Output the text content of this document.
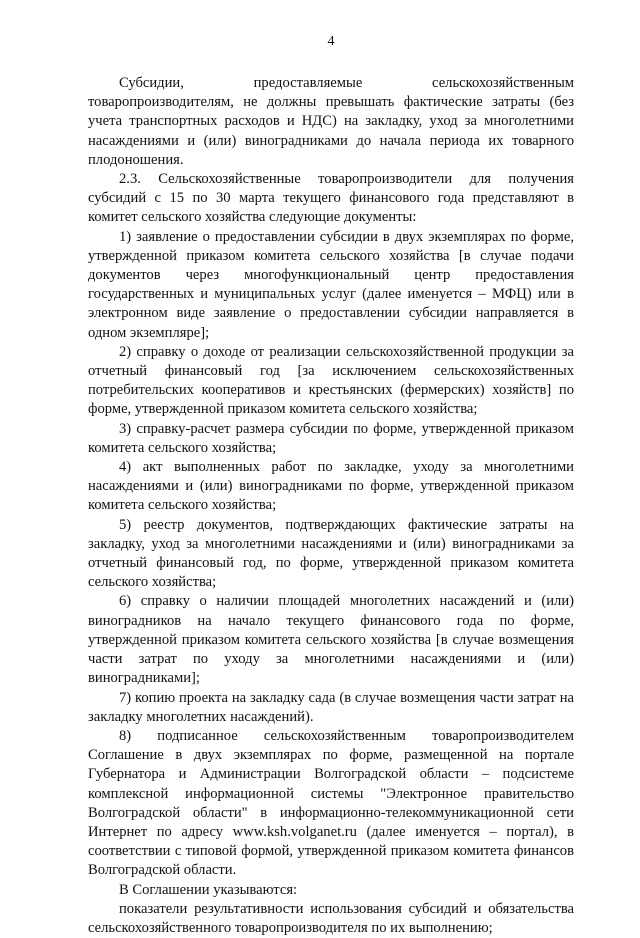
4

Субсидии, предоставляемые сельскохозяйственным товаропроизводителям, не должны превышать фактические затраты (без учета транспортных расходов и НДС) на закладку, уход за многолетними насаждениями и (или) виноградниками до начала периода их товарного плодоношения.

2.3. Сельскохозяйственные товаропроизводители для получения субсидий с 15 по 30 марта текущего финансового года представляют в комитет сельского хозяйства следующие документы:

1) заявление о предоставлении субсидии в двух экземплярах по форме, утвержденной приказом комитета сельского хозяйства [в случае подачи документов через многофункциональный центр предоставления государственных и муниципальных услуг (далее именуется – МФЦ) или в электронном виде заявление о предоставлении субсидии направляется в одном экземпляре];

2) справку о доходе от реализации сельскохозяйственной продукции за отчетный финансовый год [за исключением сельскохозяйственных потребительских кооперативов и крестьянских (фермерских) хозяйств] по форме, утвержденной приказом комитета сельского хозяйства;

3) справку-расчет размера субсидии по форме, утвержденной приказом комитета сельского хозяйства;

4) акт выполненных работ по закладке, уходу за многолетними насаждениями и (или) виноградниками по форме, утвержденной приказом комитета сельского хозяйства;

5) реестр документов, подтверждающих фактические затраты на закладку, уход за многолетними насаждениями и (или) виноградниками за отчетный финансовый год, по форме, утвержденной приказом комитета сельского хозяйства;

6) справку о наличии площадей многолетних насаждений и (или) виноградников на начало текущего финансового года по форме, утвержденной приказом комитета сельского хозяйства [в случае возмещения части затрат по уходу за многолетними насаждениями и (или) виноградниками];

7) копию проекта на закладку сада (в случае возмещения части затрат на закладку многолетних насаждений).

8) подписанное сельскохозяйственным товаропроизводителем Соглашение в двух экземплярах по форме, размещенной на портале Губернатора и Администрации Волгоградской области – подсистеме комплексной информационной системы "Электронное правительство Волгоградской области" в информационно-телекоммуникационной сети Интернет по адресу www.ksh.volganet.ru (далее именуется – портал), в соответствии с типовой формой, утвержденной приказом комитета финансов Волгоградской области.

В Соглашении указываются:

показатели результативности использования субсидий и обязательства сельскохозяйственного товаропроизводителя по их выполнению;
